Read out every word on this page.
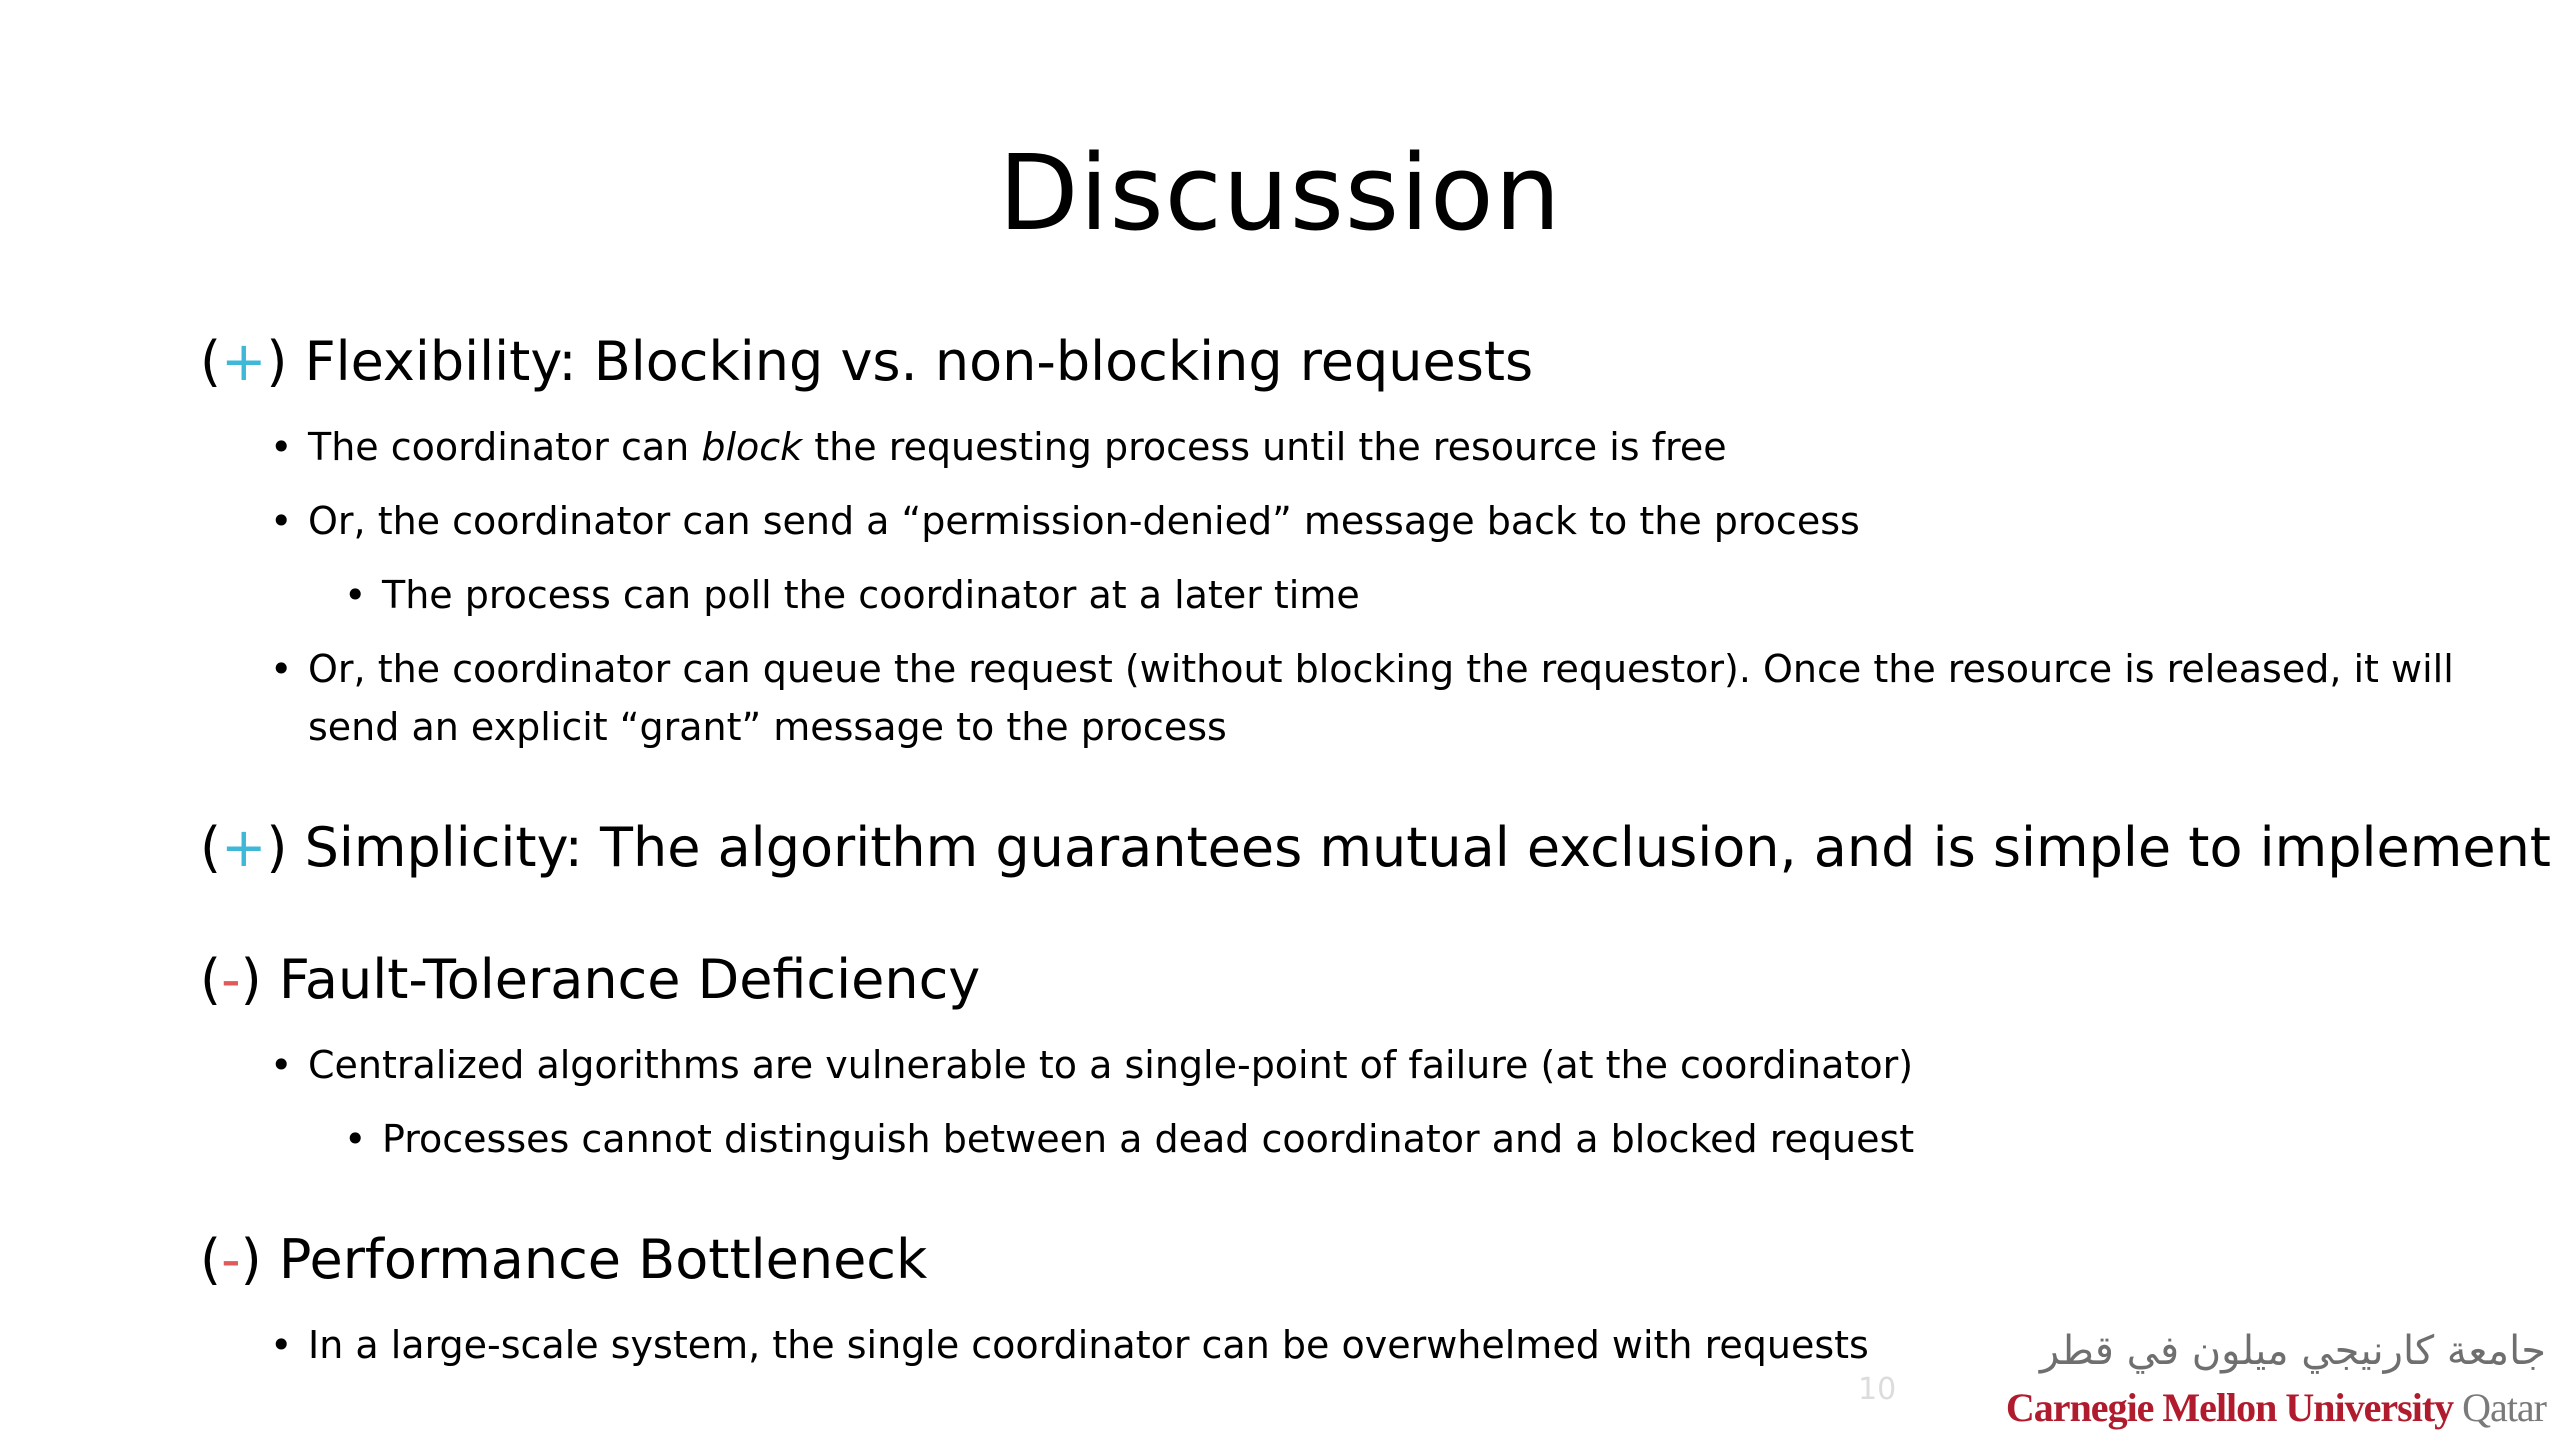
Discussion
(+) Flexibility: Blocking vs. non-blocking requests
• The coordinator can block the requesting process until the resource is free
• Or, the coordinator can send a “permission-denied” message back to the process
• The process can poll the coordinator at a later time
• Or, the coordinator can queue the request (without blocking the requestor). Once the resource is released, it will send an explicit “grant” message to the process
(+) Simplicity: The algorithm guarantees mutual exclusion, and is simple to implement
(-) Fault-Tolerance Deficiency
• Centralized algorithms are vulnerable to a single-point of failure (at the coordinator)
• Processes cannot distinguish between a dead coordinator and a blocked request
(-) Performance Bottleneck
• In a large-scale system, the single coordinator can be overwhelmed with requests
10
جامعة كارنيجي ميلون في قطر
Carnegie Mellon University Qatar
